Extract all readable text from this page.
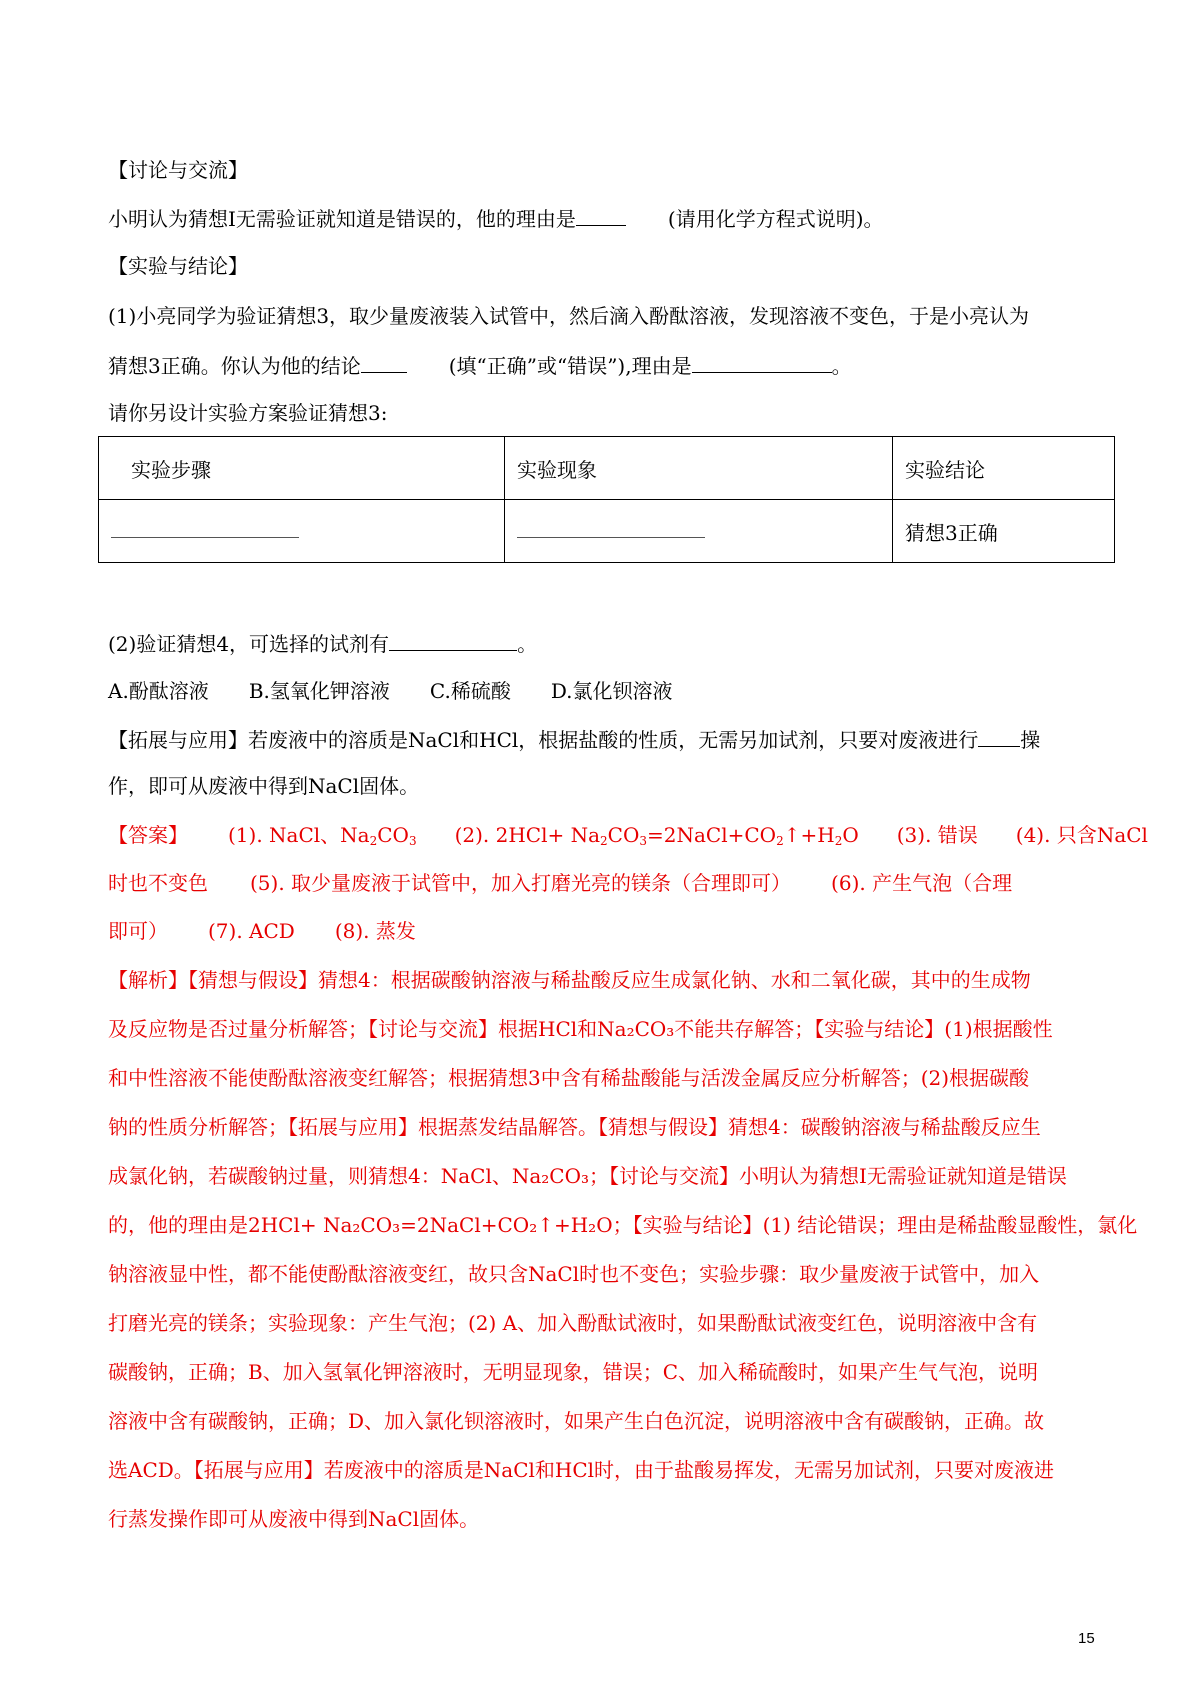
【讨论与交流】
小明认为猜想Ⅰ无需验证就知道是错误的，他的理由是	(请用化学方程式说明)。
【实验与结论】
(1)小亮同学为验证猜想3，取少量废液装入试管中，然后滴入酚酞溶液，发现溶液不变色，于是小亮认为
猜想3正确。你认为他的结论	(填“正确”或“错误”),理由是	。
请你另设计实验方案验证猜想3:
实验步骤	实验现象	实验结论
		猜想3正确
(2)验证猜想4，可选择的试剂有	。
A.酚酞溶液 B.氢氧化钾溶液 C.稀硫酸 D.氯化钡溶液
【拓展与应用】若废液中的溶质是NaCl和HCl，根据盐酸的性质，无需另加试剂，只要对废液进行 操
作，即可从废液中得到NaCl固体。
【答案】 (1). NaCl、$Na_2CO_3$ (2). $2HCl+ Na_2CO_3=2NaCl+CO_2↑+H_2O$ (3). 错误 (4). 只含NaCl
时也不变色 (5). 取少量废液于试管中，加入打磨光亮的镁条（合理即可） (6). 产生气泡（合理
即可） (7). ACD (8). 蒸发
【解析】【猜想与假设】猜想4：根据碳酸钠溶液与稀盐酸反应生成氯化钠、水和二氧化碳，其中的生成物
及反应物是否过量分析解答；【讨论与交流】根据HCl和Na₂CO₃不能共存解答；【实验与结论】(1)根据酸性
和中性溶液不能使酚酞溶液变红解答；根据猜想3中含有稀盐酸能与活泼金属反应分析解答；(2)根据碳酸
钠的性质分析解答；【拓展与应用】根据蒸发结晶解答。【猜想与假设】猜想4：碳酸钠溶液与稀盐酸反应生
成氯化钠，若碳酸钠过量，则猜想4：NaCl、Na₂CO₃；【讨论与交流】小明认为猜想Ⅰ无需验证就知道是错误
的，他的理由是2HCl+ Na₂CO₃=2NaCl+CO₂↑+H₂O；【实验与结论】(1) 结论错误；理由是稀盐酸显酸性，氯化
钠溶液显中性，都不能使酚酞溶液变红，故只含NaCl时也不变色；实验步骤：取少量废液于试管中，加入
打磨光亮的镁条；实验现象：产生气泡；(2) A、加入酚酞试液时，如果酚酞试液变红色，说明溶液中含有
碳酸钠，正确；B、加入氢氧化钾溶液时，无明显现象，错误；C、加入稀硫酸时，如果产生气气泡，说明
溶液中含有碳酸钠，正确；D、加入氯化钡溶液时，如果产生白色沉淀，说明溶液中含有碳酸钠，正确。故
选ACD。【拓展与应用】若废液中的溶质是NaCl和HCl时，由于盐酸易挥发，无需另加试剂，只要对废液进
行蒸发操作即可从废液中得到NaCl固体。
15
